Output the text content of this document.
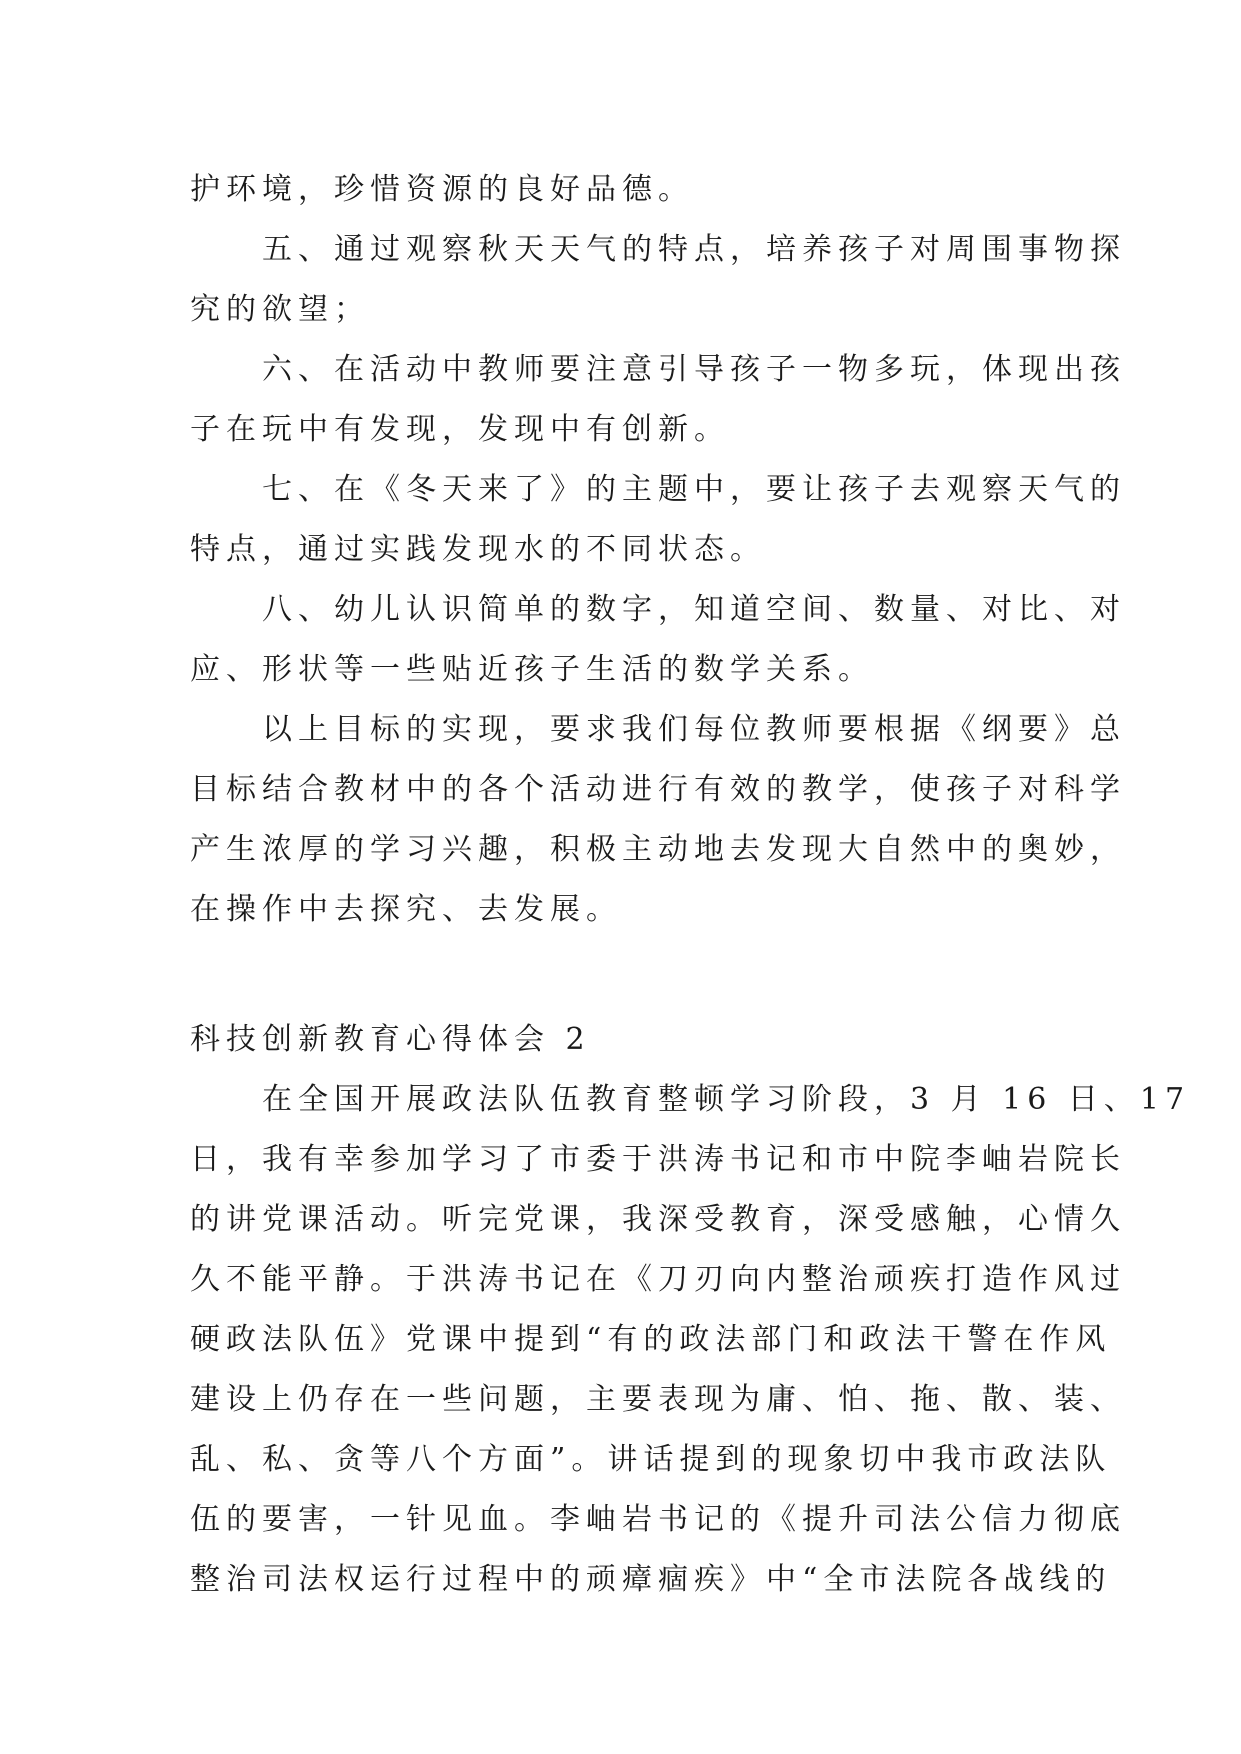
护环境，珍惜资源的良好品德。

五、通过观察秋天天气的特点，培养孩子对周围事物探

究的欲望；

六、在活动中教师要注意引导孩子一物多玩，体现出孩

子在玩中有发现，发现中有创新。

七、在《冬天来了》的主题中，要让孩子去观察天气的

特点，通过实践发现水的不同状态。

八、幼儿认识简单的数字，知道空间、数量、对比、对

应、形状等一些贴近孩子生活的数学关系。

以上目标的实现，要求我们每位教师要根据《纲要》总

目标结合教材中的各个活动进行有效的教学，使孩子对科学

产生浓厚的学习兴趣，积极主动地去发现大自然中的奥妙，

在操作中去探究、去发展。

科技创新教育心得体会 2

在全国开展政法队伍教育整顿学习阶段，3 月 16 日、17

日，我有幸参加学习了市委于洪涛书记和市中院李岫岩院长

的讲党课活动。听完党课，我深受教育，深受感触，心情久

久不能平静。于洪涛书记在《刀刃向内整治顽疾打造作风过

硬政法队伍》党课中提到“有的政法部门和政法干警在作风

建设上仍存在一些问题，主要表现为庸、怕、拖、散、装、

乱、私、贪等八个方面”。讲话提到的现象切中我市政法队

伍的要害，一针见血。李岫岩书记的《提升司法公信力彻底

整治司法权运行过程中的顽瘴痼疾》中“全市法院各战线的
